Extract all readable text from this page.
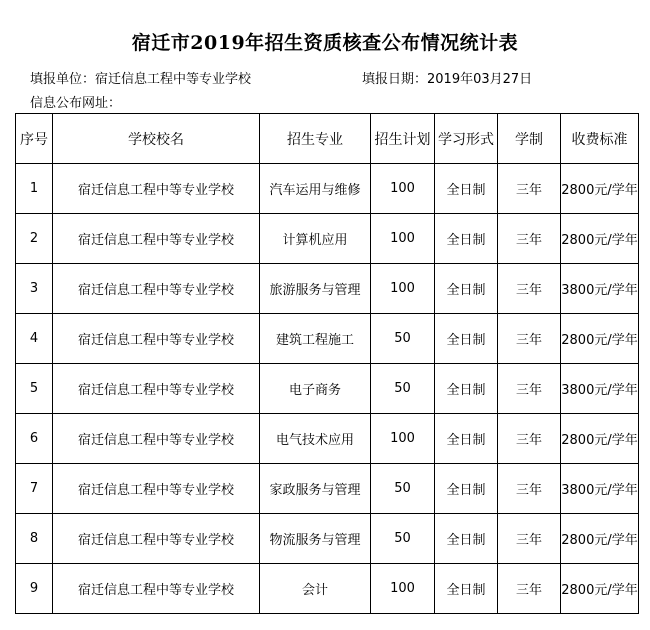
宿迁市2019年招生资质核查公布情况统计表
填报单位：宿迁信息工程中等专业学校	填报日期：2019年03月27日
信息公布网址：
序号	学校校名	招生专业	招生计划	学习形式	学制	收费标准
1	宿迁信息工程中等专业学校	汽车运用与维修	100	全日制	三年	2800元/学年
2	宿迁信息工程中等专业学校	计算机应用	100	全日制	三年	2800元/学年
3	宿迁信息工程中等专业学校	旅游服务与管理	100	全日制	三年	3800元/学年
4	宿迁信息工程中等专业学校	建筑工程施工	50	全日制	三年	2800元/学年
5	宿迁信息工程中等专业学校	电子商务	50	全日制	三年	3800元/学年
6	宿迁信息工程中等专业学校	电气技术应用	100	全日制	三年	2800元/学年
7	宿迁信息工程中等专业学校	家政服务与管理	50	全日制	三年	3800元/学年
8	宿迁信息工程中等专业学校	物流服务与管理	50	全日制	三年	2800元/学年
9	宿迁信息工程中等专业学校	会计	100	全日制	三年	2800元/学年
